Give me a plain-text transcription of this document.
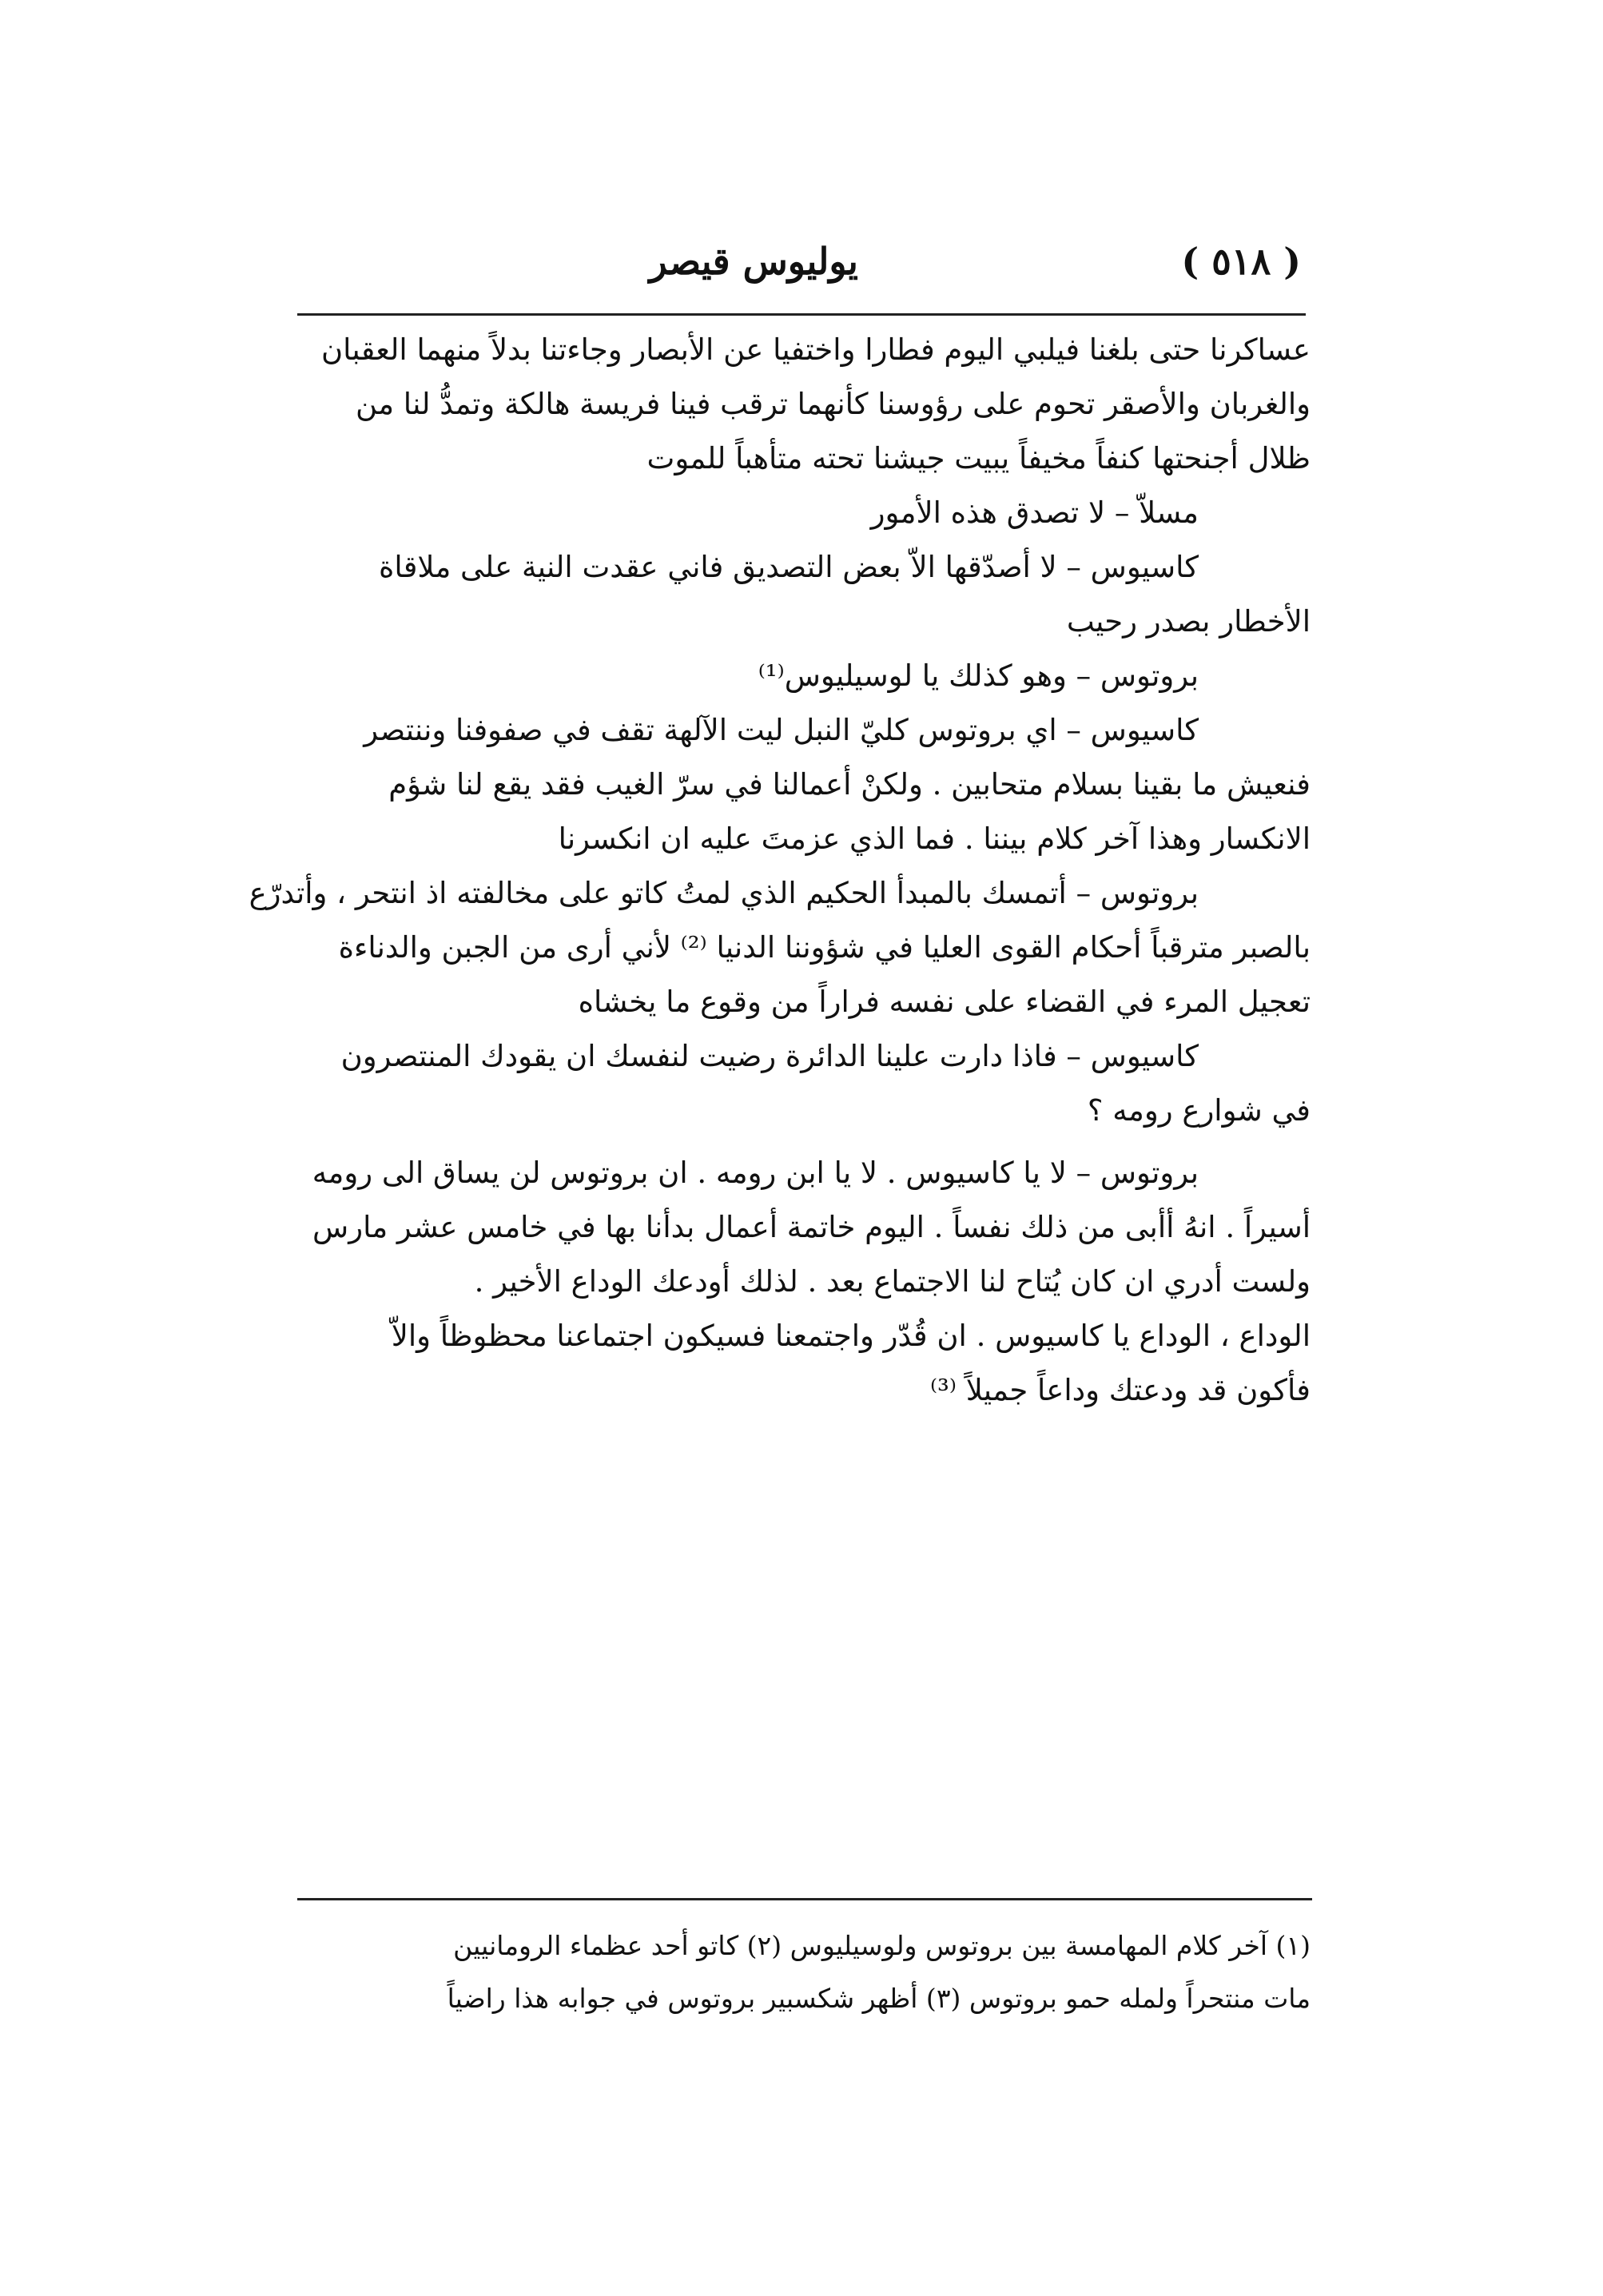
( ٥١٨ )
يوليوس قيصر
عساكرنا حتى بلغنا فيلبي اليوم فطارا واختفيا عن الأبصار وجاءتنا بدلاً منهما العقبان
والغربان والأصقر تحوم على رؤوسنا كأنهما ترقب فينا فريسة هالكة وتمدُّ لنا من
ظلال أجنحتها كنفاً مخيفاً يبيت جيشنا تحته متأهباً للموت
مسلاّ – لا تصدق هذه الأمور
كاسيوس – لا أصدّقها الاّ بعض التصديق فاني عقدت النية على ملاقاة
الأخطار بصدر رحيب
بروتوس – وهو كذلك يا لوسيليوس⁽¹⁾
كاسيوس – اي بروتوس كليّ النبل ليت الآلهة تقف في صفوفنا وننتصر
فنعيش ما بقينا بسلام متحابين . ولكنْ أعمالنا في سرّ الغيب فقد يقع لنا شؤم
الانكسار وهذا آخر كلام بيننا . فما الذي عزمتَ عليه ان انكسرنا
بروتوس – أتمسك بالمبدأ الحكيم الذي لمتُ كاتو على مخالفته اذ انتحر ، وأتدرّع
بالصبر مترقباً أحكام القوى العليا في شؤوننا الدنيا ⁽²⁾ لأني أرى من الجبن والدناءة
تعجيل المرء في القضاء على نفسه فراراً من وقوع ما يخشاه
كاسيوس – فاذا دارت علينا الدائرة رضيت لنفسك ان يقودك المنتصرون
في شوارع رومه ؟
بروتوس – لا يا كاسيوس . لا يا ابن رومه . ان بروتوس لن يساق الى رومه
أسيراً . انهُ أأبى من ذلك نفساً . اليوم خاتمة أعمال بدأنا بها في خامس عشر مارس
ولست أدري ان كان يُتاح لنا الاجتماع بعد . لذلك أودعك الوداع الأخير .
الوداع ، الوداع يا كاسيوس . ان قُدّر واجتمعنا فسيكون اجتماعنا محظوظاً والاّ
فأكون قد ودعتك وداعاً جميلاً ⁽³⁾
(١) آخر كلام المهامسة بين بروتوس ولوسيليوس (٢) كاتو أحد عظماء الرومانيين
مات منتحراً ولمله حمو بروتوس (٣) أظهر شكسبير بروتوس في جوابه هذا راضياً
